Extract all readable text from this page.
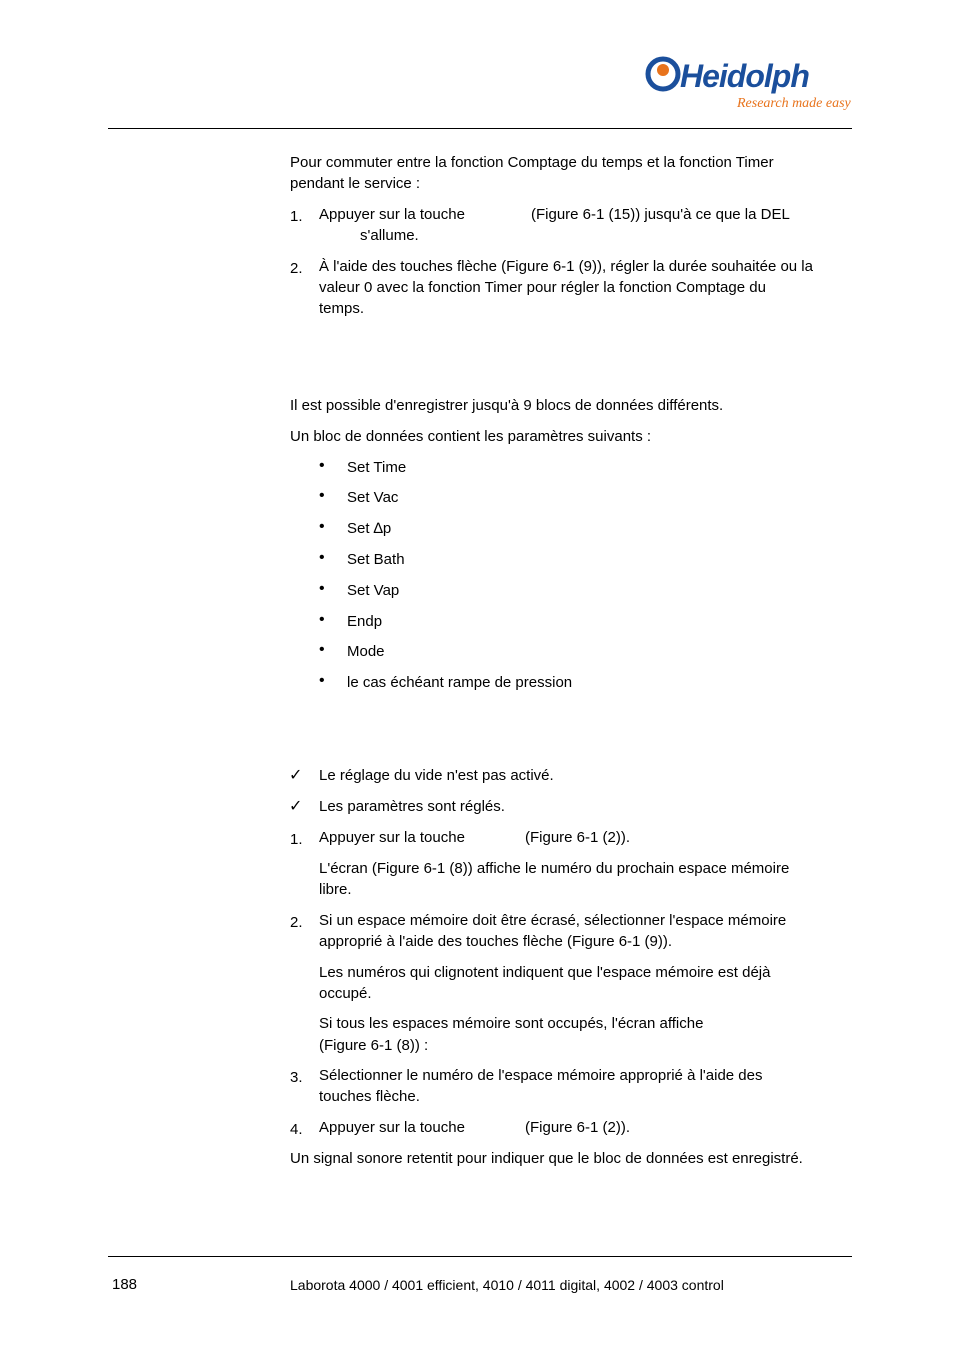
Heidolph
Research made easy
Pour commuter entre la fonction Comptage du temps et la fonction Timer
pendant le service :
1. Appuyer sur la touche	(Figure 6-1 (15)) jusqu'à ce que la DEL
s'allume.
2. À l'aide des touches flèche (Figure 6-1 (9)), régler la durée souhaitée ou la
valeur 0 avec la fonction Timer pour régler la fonction Comptage du
temps.
Il est possible d'enregistrer jusqu'à 9 blocs de données différents.
Un bloc de données contient les paramètres suivants :
• Set Time
• Set Vac
• Set ∆p
• Set Bath
• Set Vap
• Endp
• Mode
• le cas échéant rampe de pression
✓ Le réglage du vide n'est pas activé.
✓ Les paramètres sont réglés.
1. Appuyer sur la touche	(Figure 6-1 (2)).
L'écran (Figure 6-1 (8)) affiche le numéro du prochain espace mémoire
libre.
2. Si un espace mémoire doit être écrasé, sélectionner l'espace mémoire
approprié à l'aide des touches flèche (Figure 6-1 (9)).
Les numéros qui clignotent indiquent que l'espace mémoire est déjà
occupé.
Si tous les espaces mémoire sont occupés, l'écran affiche
(Figure 6-1 (8)) :
3. Sélectionner le numéro de l'espace mémoire approprié à l'aide des
touches flèche.
4. Appuyer sur la touche	(Figure 6-1 (2)).
Un signal sonore retentit pour indiquer que le bloc de données est enregistré.
188	Laborota 4000 / 4001 efficient, 4010 / 4011 digital, 4002 / 4003 control
